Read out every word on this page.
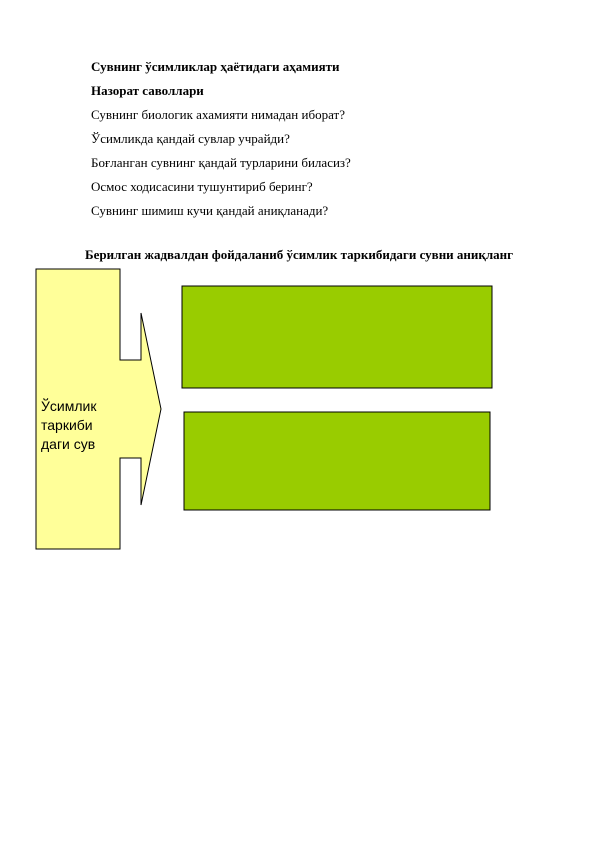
Сувнинг ўсимликлар ҳаётидаги аҳамияти
Назорат саволлари
Сувнинг биологик ахамияти нимадан иборат?
Ўсимликда қандай сувлар учрайди?
Боғланган сувнинг қандай турларини биласиз?
Осмос ходисасини тушунтириб беринг?
Сувнинг шимиш кучи қандай аниқланади?
Берилган жадвалдан фойдаланиб ўсимлик таркибидаги сувни аниқланг
Ўсимлик
таркиби
даги сув
